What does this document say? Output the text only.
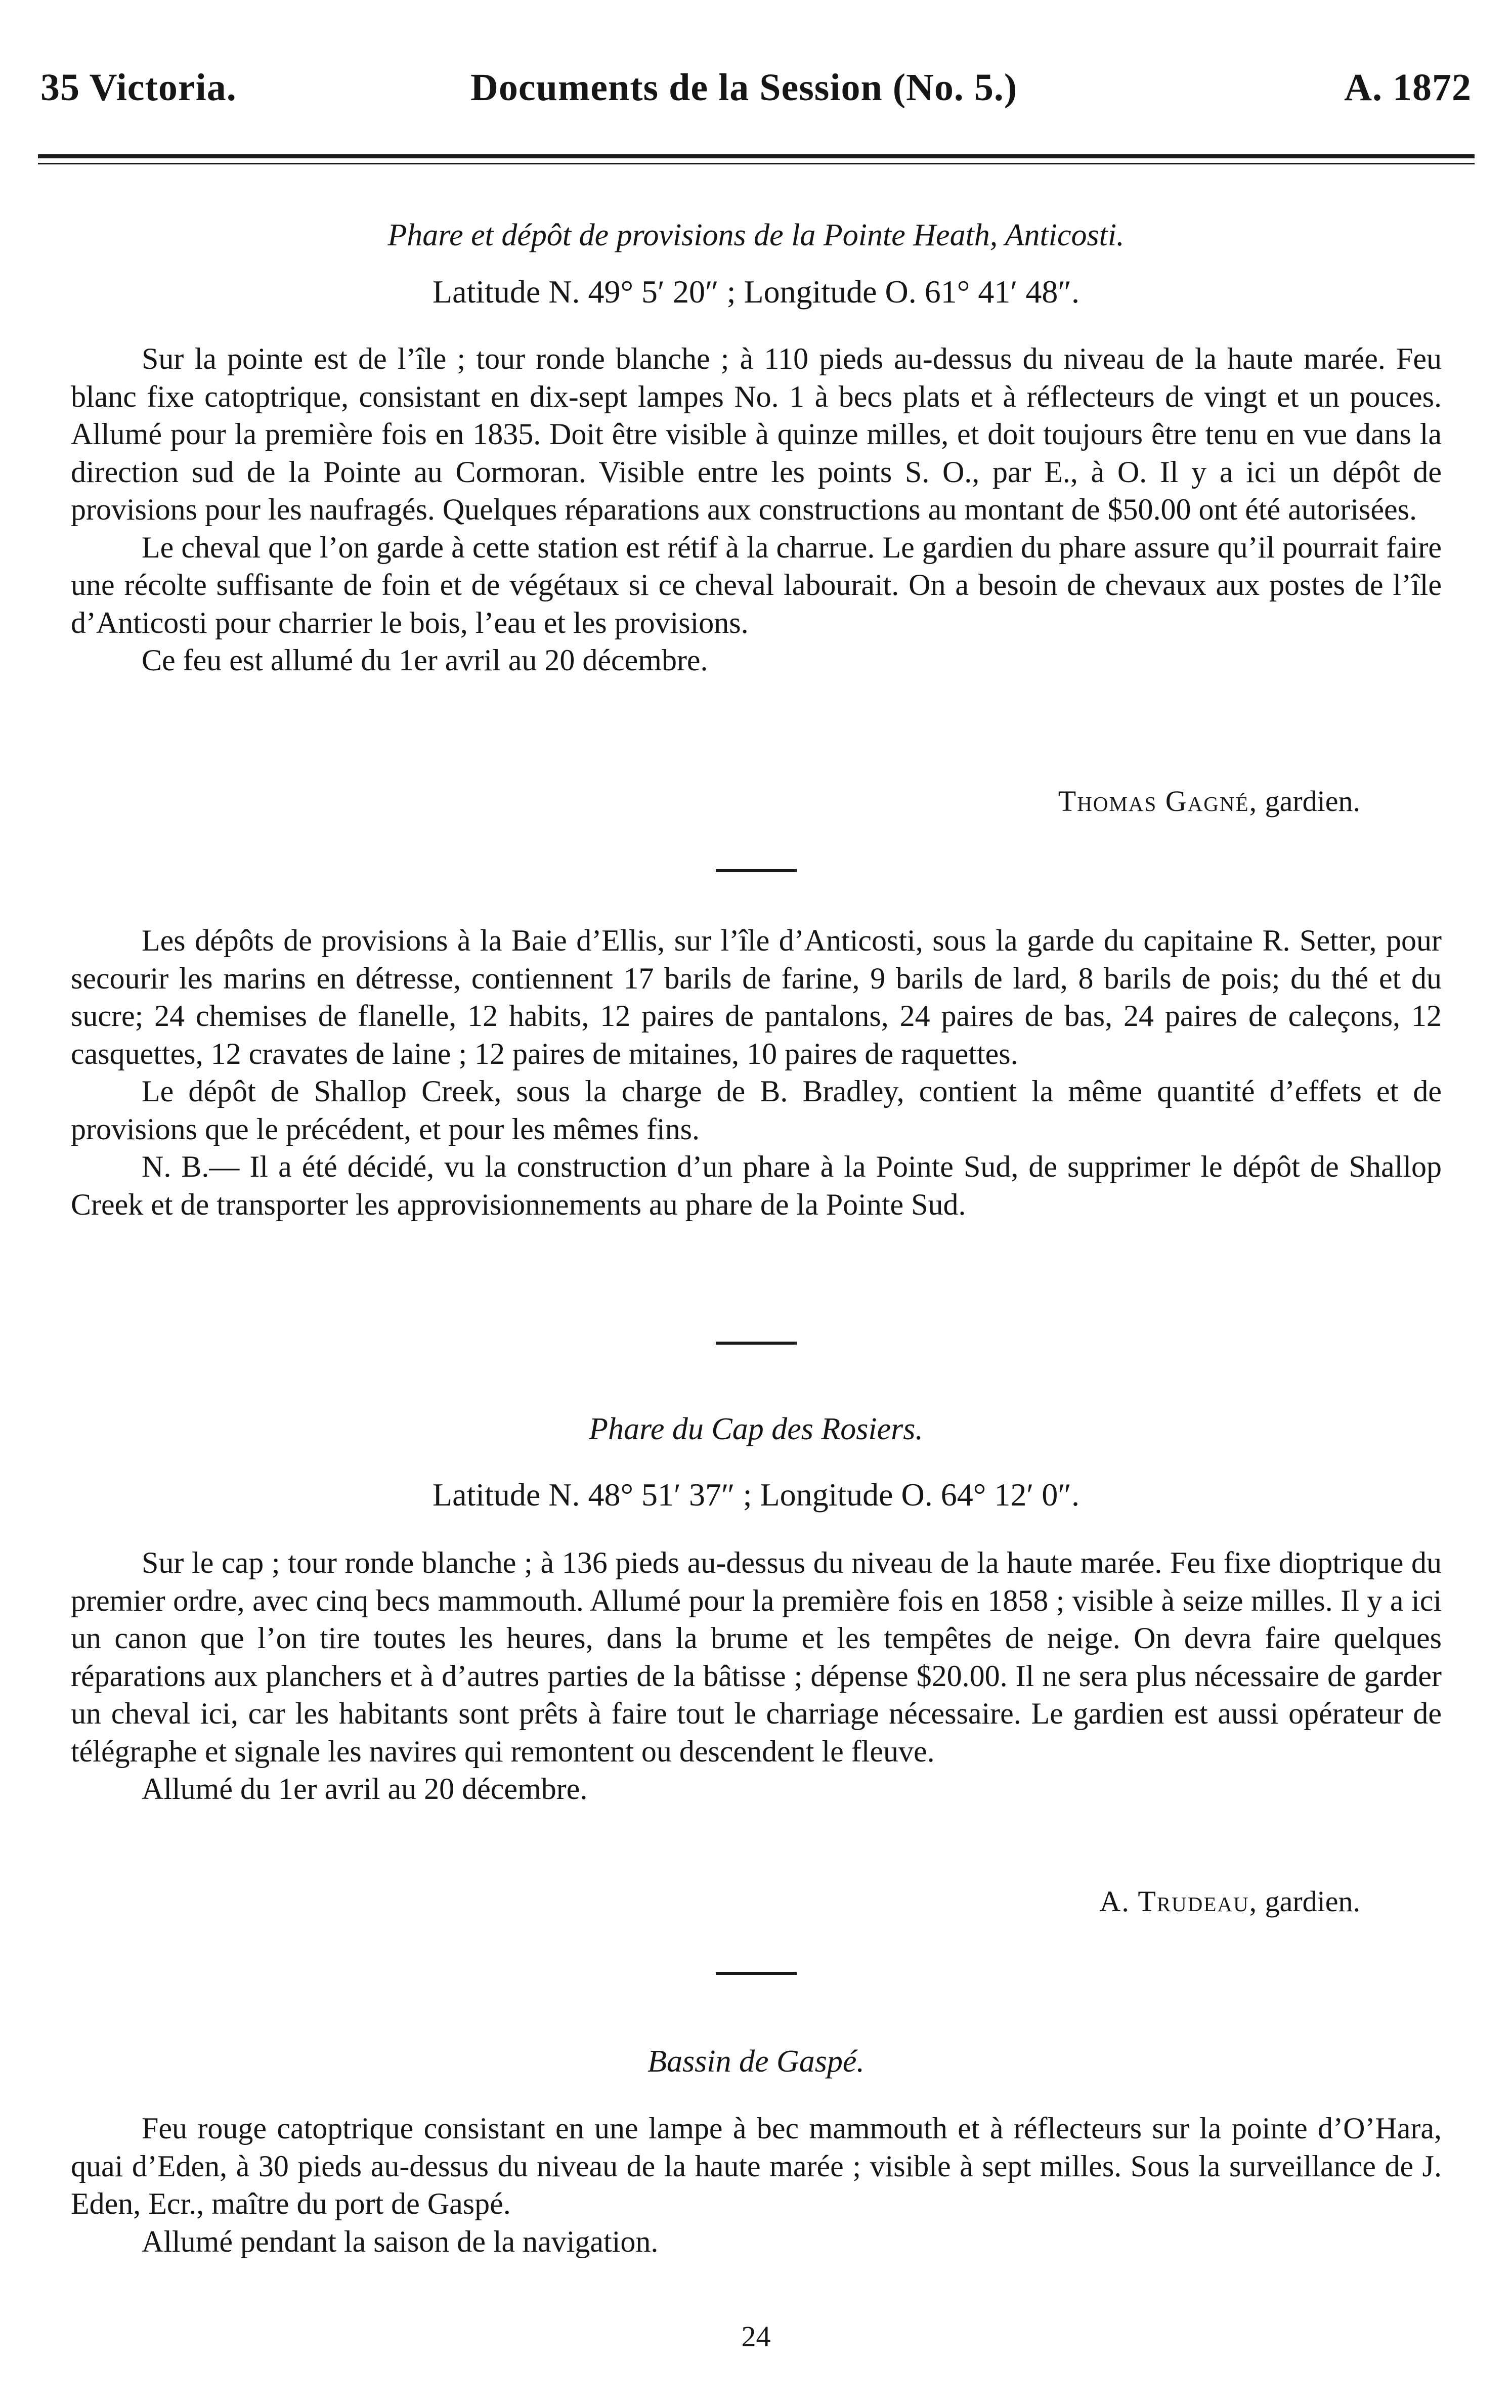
35 Victoria.	Documents de la Session (No. 5.)	A. 1872
Phare et dépôt de provisions de la Pointe Heath, Anticosti.
Latitude N. 49° 5′ 20″ ; Longitude O. 61° 41′ 48″.

Sur la pointe est de l’île ; tour ronde blanche ; à 110 pieds au-dessus du niveau de la haute marée. Feu blanc fixe catoptrique, consistant en dix-sept lampes No. 1 à becs plats et à réflecteurs de vingt et un pouces. Allumé pour la première fois en 1835. Doit être visible à quinze milles, et doit toujours être tenu en vue dans la direction sud de la Pointe au Cormoran. Visible entre les points S. O., par E., à O. Il y a ici un dépôt de provisions pour les naufragés. Quelques réparations aux constructions au montant de $50.00 ont été autorisées.

Le cheval que l’on garde à cette station est rétif à la charrue. Le gardien du phare assure qu’il pourrait faire une récolte suffisante de foin et de végétaux si ce cheval labourait. On a besoin de chevaux aux postes de l’île d’Anticosti pour charrier le bois, l’eau et les provisions.

Ce feu est allumé du 1er avril au 20 décembre.

Thomas Gagné, gardien.

Les dépôts de provisions à la Baie d’Ellis, sur l’île d’Anticosti, sous la garde du capitaine R. Setter, pour secourir les marins en détresse, contiennent 17 barils de farine, 9 barils de lard, 8 barils de pois; du thé et du sucre; 24 chemises de flanelle, 12 habits, 12 paires de pantalons, 24 paires de bas, 24 paires de caleçons, 12 casquettes, 12 cravates de laine ; 12 paires de mitaines, 10 paires de raquettes.

Le dépôt de Shallop Creek, sous la charge de B. Bradley, contient la même quantité d’effets et de provisions que le précédent, et pour les mêmes fins.

N. B.— Il a été décidé, vu la construction d’un phare à la Pointe Sud, de supprimer le dépôt de Shallop Creek et de transporter les approvisionnements au phare de la Pointe Sud.

Phare du Cap des Rosiers.
Latitude N. 48° 51′ 37″ ; Longitude O. 64° 12′ 0″.

Sur le cap ; tour ronde blanche ; à 136 pieds au-dessus du niveau de la haute marée. Feu fixe dioptrique du premier ordre, avec cinq becs mammouth. Allumé pour la première fois en 1858 ; visible à seize milles. Il y a ici un canon que l’on tire toutes les heures, dans la brume et les tempêtes de neige. On devra faire quelques réparations aux planchers et à d’autres parties de la bâtisse ; dépense $20.00. Il ne sera plus nécessaire de garder un cheval ici, car les habitants sont prêts à faire tout le charriage nécessaire. Le gardien est aussi opérateur de télégraphe et signale les navires qui remontent ou descendent le fleuve.

Allumé du 1er avril au 20 décembre.

A. Trudeau, gardien.
Bassin de Gaspé.

Feu rouge catoptrique consistant en une lampe à bec mammouth et à réflecteurs sur la pointe d’O’Hara, quai d’Eden, à 30 pieds au-dessus du niveau de la haute marée ; visible à sept milles. Sous la surveillance de J. Eden, Ecr., maître du port de Gaspé.

Allumé pendant la saison de la navigation.

24
